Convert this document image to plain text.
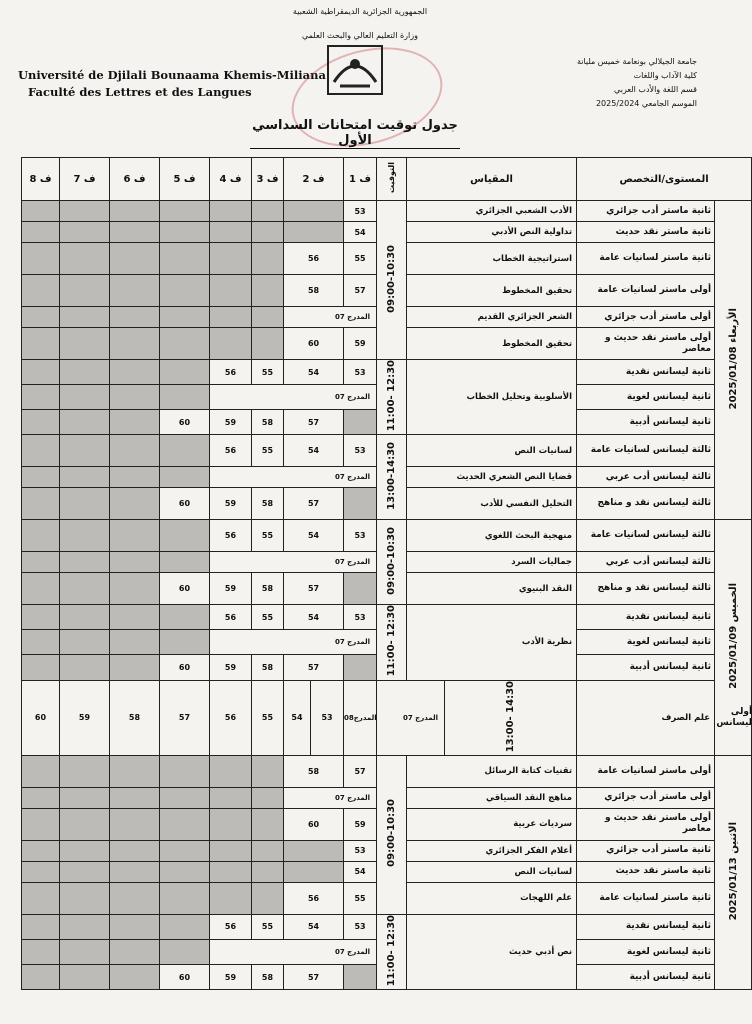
الجمهورية الجزائرية الديمقراطية الشعبية
وزارة التعليم العالي والبحث العلمي
Université de Djilali Bounaama Khemis-Miliana
Faculté des Lettres et des Langues
جامعة الجيلالي بونعامة خميس مليانة
كلية الآداب واللغات
قسم اللغة والأدب العربي
الموسم الجامعي 2025/2024
جدول توقيت امتحانات السداسي الأول
ف 8	ف 7	ف 6	ف 5	ف 4	ف 3	ف 2		ف 1	التوقيت	المقياس		المستوى/التخصص		
								53	09:00-10:30	الأدب الشعبي الجزائري		ثانية ماستر أدب جزائري	الأربعاء 2025/01/08	
								54		تداولية النص الأدبي		ثانية ماستر نقد حديث		
						56		55		استراتيجية الخطاب		ثانية ماستر لسانيات عامة		
						58		57		تحقيق المخطوط		أولى ماستر لسانيات عامة		
						المدرج 07				الشعر الجزائري القديم		أولى ماستر أدب جزائري		
						60		59		تحقيق المخطوط		أولى ماستر نقد حديث و معاصر		
				56	55	54		53	11:00- 12:30	الأسلوبية وتحليل الخطاب		ثانية ليسانس نقدية		
				المدرج 07								ثانية ليسانس لغوية		
			60	59	58	57						ثانية ليسانس أدبية		
				56	55	54		53	13:00-14:30	لسانيات النص		ثالثة ليسانس لسانيات عامة		
				المدرج 07						قضايا النص الشعري الحديث		ثالثة ليسانس أدب عربي		
			60	59	58	57				التحليل النفسي للأدب		ثالثة ليسانس نقد و مناهج		
				56	55	54		53	09:00-10:30	منهجية البحث اللغوي		ثالثة ليسانس لسانيات عامة	الخميس 2025/01/09	
				المدرج 07						جماليات السرد		ثالثة ليسانس أدب عربي		
			60	59	58	57				النقد البنيوي		ثالثة ليسانس نقد و مناهج		
				56	55	54		53	11:00- 12:30	نظرية الأدب		ثانية ليسانس نقدية		
				المدرج 07								ثانية ليسانس لغوية		
			60	59	58	57						ثانية ليسانس أدبية		
60	59	58	57	56	55	54	53	المدرج08	المدرج 07		13:00- 14:30	علم الصرف		أولى ليسانس
						58		57	09:00-10:30	تقنيات كتابة الرسائل		أولى ماستر لسانيات عامة	الاثنين 2025/01/13	
						المدرج 07				مناهج النقد السياقي		أولى ماستر أدب جزائري		
						60		59		سرديات عربية		أولى ماستر نقد حديث و معاصر		
								53		أعلام الفكر الجزائري		ثانية ماستر أدب جزائري		
								54		لسانيات النص		ثانية ماستر نقد حديث		
						56		55		علم اللهجات		ثانية ماستر لسانيات عامة		
				56	55	54		53	11:00- 12:30	نص أدبي حديث		ثانية ليسانس نقدية		
				المدرج 07								ثانية ليسانس لغوية		
			60	59	58	57						ثانية ليسانس أدبية		
